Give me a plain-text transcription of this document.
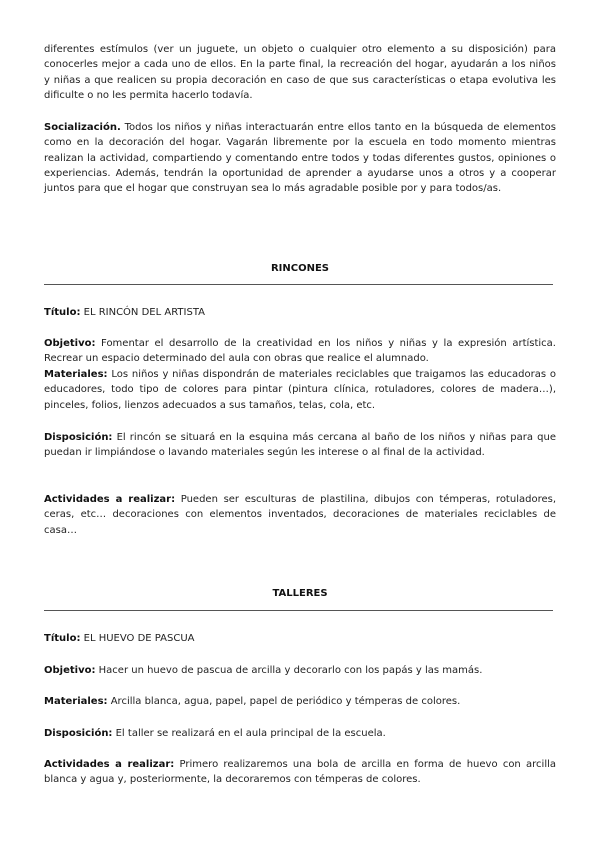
diferentes estímulos (ver un juguete, un objeto o cualquier otro elemento a su disposición) para conocerles mejor a cada uno de ellos. En la parte final, la recreación del hogar, ayudarán a los niños y niñas a que realicen su propia decoración en caso de que sus características o etapa evolutiva les dificulte o no les permita hacerlo todavía.

Socialización. Todos los niños y niñas interactuarán entre ellos tanto en la búsqueda de elementos como en la decoración del hogar. Vagarán libremente por la escuela en todo momento mientras realizan la actividad, compartiendo y comentando entre todos y todas diferentes gustos, opiniones o experiencias. Además, tendrán la oportunidad de aprender a ayudarse unos a otros y a cooperar juntos para que el hogar que construyan sea lo más agradable posible por y para todos/as.

RINCONES

Título: EL RINCÓN DEL ARTISTA

Objetivo: Fomentar el desarrollo de la creatividad en los niños y niñas y la expresión artística. Recrear un espacio determinado del aula con obras que realice el alumnado.

Materiales: Los niños y niñas dispondrán de materiales reciclables que traigamos las educadoras o educadores, todo tipo de colores para pintar (pintura clínica, rotuladores, colores de madera…), pinceles, folios, lienzos adecuados a sus tamaños, telas, cola, etc.

Disposición: El rincón se situará en la esquina más cercana al baño de los niños y niñas para que puedan ir limpiándose o lavando materiales según les interese o al final de la actividad.

Actividades a realizar: Pueden ser esculturas de plastilina, dibujos con témperas, rotuladores, ceras, etc… decoraciones con elementos inventados, decoraciones de materiales reciclables de casa…

TALLERES

Título: EL HUEVO DE PASCUA

Objetivo: Hacer un huevo de pascua de arcilla y decorarlo con los papás y las mamás.

Materiales: Arcilla blanca, agua, papel, papel de periódico y témperas de colores.

Disposición: El taller se realizará en el aula principal de la escuela.

Actividades a realizar: Primero realizaremos una bola de arcilla en forma de huevo con arcilla blanca y agua y, posteriormente, la decoraremos con témperas de colores.
